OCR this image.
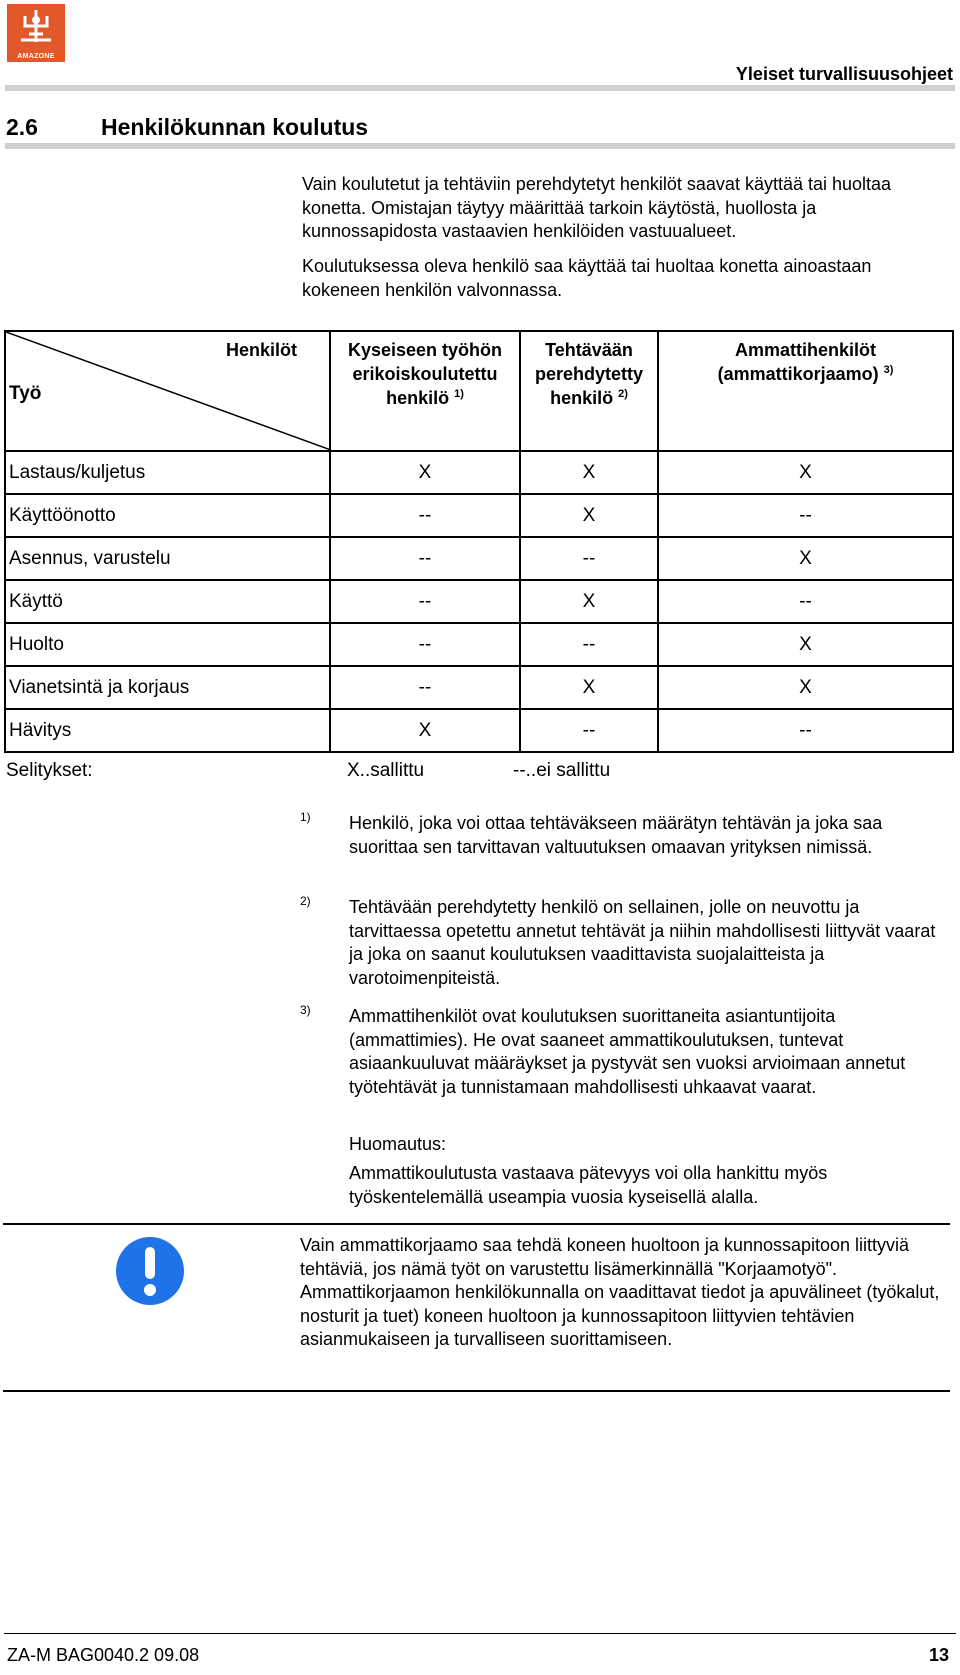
AMAZONE
Yleiset turvallisuusohjeet
2.6	Henkilökunnan koulutus
Vain koulutetut ja tehtäviin perehdytetyt henkilöt saavat käyttää tai huoltaa konetta. Omistajan täytyy määrittää tarkoin käytöstä, huollosta ja kunnossapidosta vastaavien henkilöiden vastuualueet.
Koulutuksessa oleva henkilö saa käyttää tai huoltaa konetta ainoastaan kokeneen henkilön valvonnassa.
Työ
Henkilöt	Kyseiseen työhön erikoiskoulutettu henkilö $^{1)}$	Tehtävään perehdytetty henkilö $^{2)}$	Ammattihenkilöt (ammattikorjaamo) $^{3)}$
Lastaus/kuljetus	X	X	X
Käyttöönotto	--	X	--
Asennus, varustelu	--	--	X
Käyttö	--	X	--
Huolto	--	--	X
Vianetsintä ja korjaus	--	X	X
Hävitys	X	--	--
Selitykset:	X..sallittu	--..ei sallittu
1) Henkilö, joka voi ottaa tehtäväkseen määrätyn tehtävän ja joka saa suorittaa sen tarvittavan valtuutuksen omaavan yrityksen nimissä.
2) Tehtävään perehdytetty henkilö on sellainen, jolle on neuvottu ja tarvittaessa opetettu annetut tehtävät ja niihin mahdollisesti liittyvät vaarat ja joka on saanut koulutuksen vaadittavista suojalaitteista ja varotoimenpiteistä.
3) Ammattihenkilöt ovat koulutuksen suorittaneita asiantuntijoita (ammattimies). He ovat saaneet ammattikoulutuksen, tuntevat asiaankuuluvat määräykset ja pystyvät sen vuoksi arvioimaan annetut työtehtävät ja tunnistamaan mahdollisesti uhkaavat vaarat.
Huomautus:
Ammattikoulutusta vastaava pätevyys voi olla hankittu myös työskentelemällä useampia vuosia kyseisellä alalla.
Vain ammattikorjaamo saa tehdä koneen huoltoon ja kunnossapitoon liittyviä tehtäviä, jos nämä työt on varustettu lisämerkinnällä "Korjaamotyö". Ammattikorjaamon henkilökunnalla on vaadittavat tiedot ja apuvälineet (työkalut, nosturit ja tuet) koneen huoltoon ja kunnossapitoon liittyvien tehtävien asianmukaiseen ja turvalliseen suorittamiseen.
ZA-M BAG0040.2 09.08	13
